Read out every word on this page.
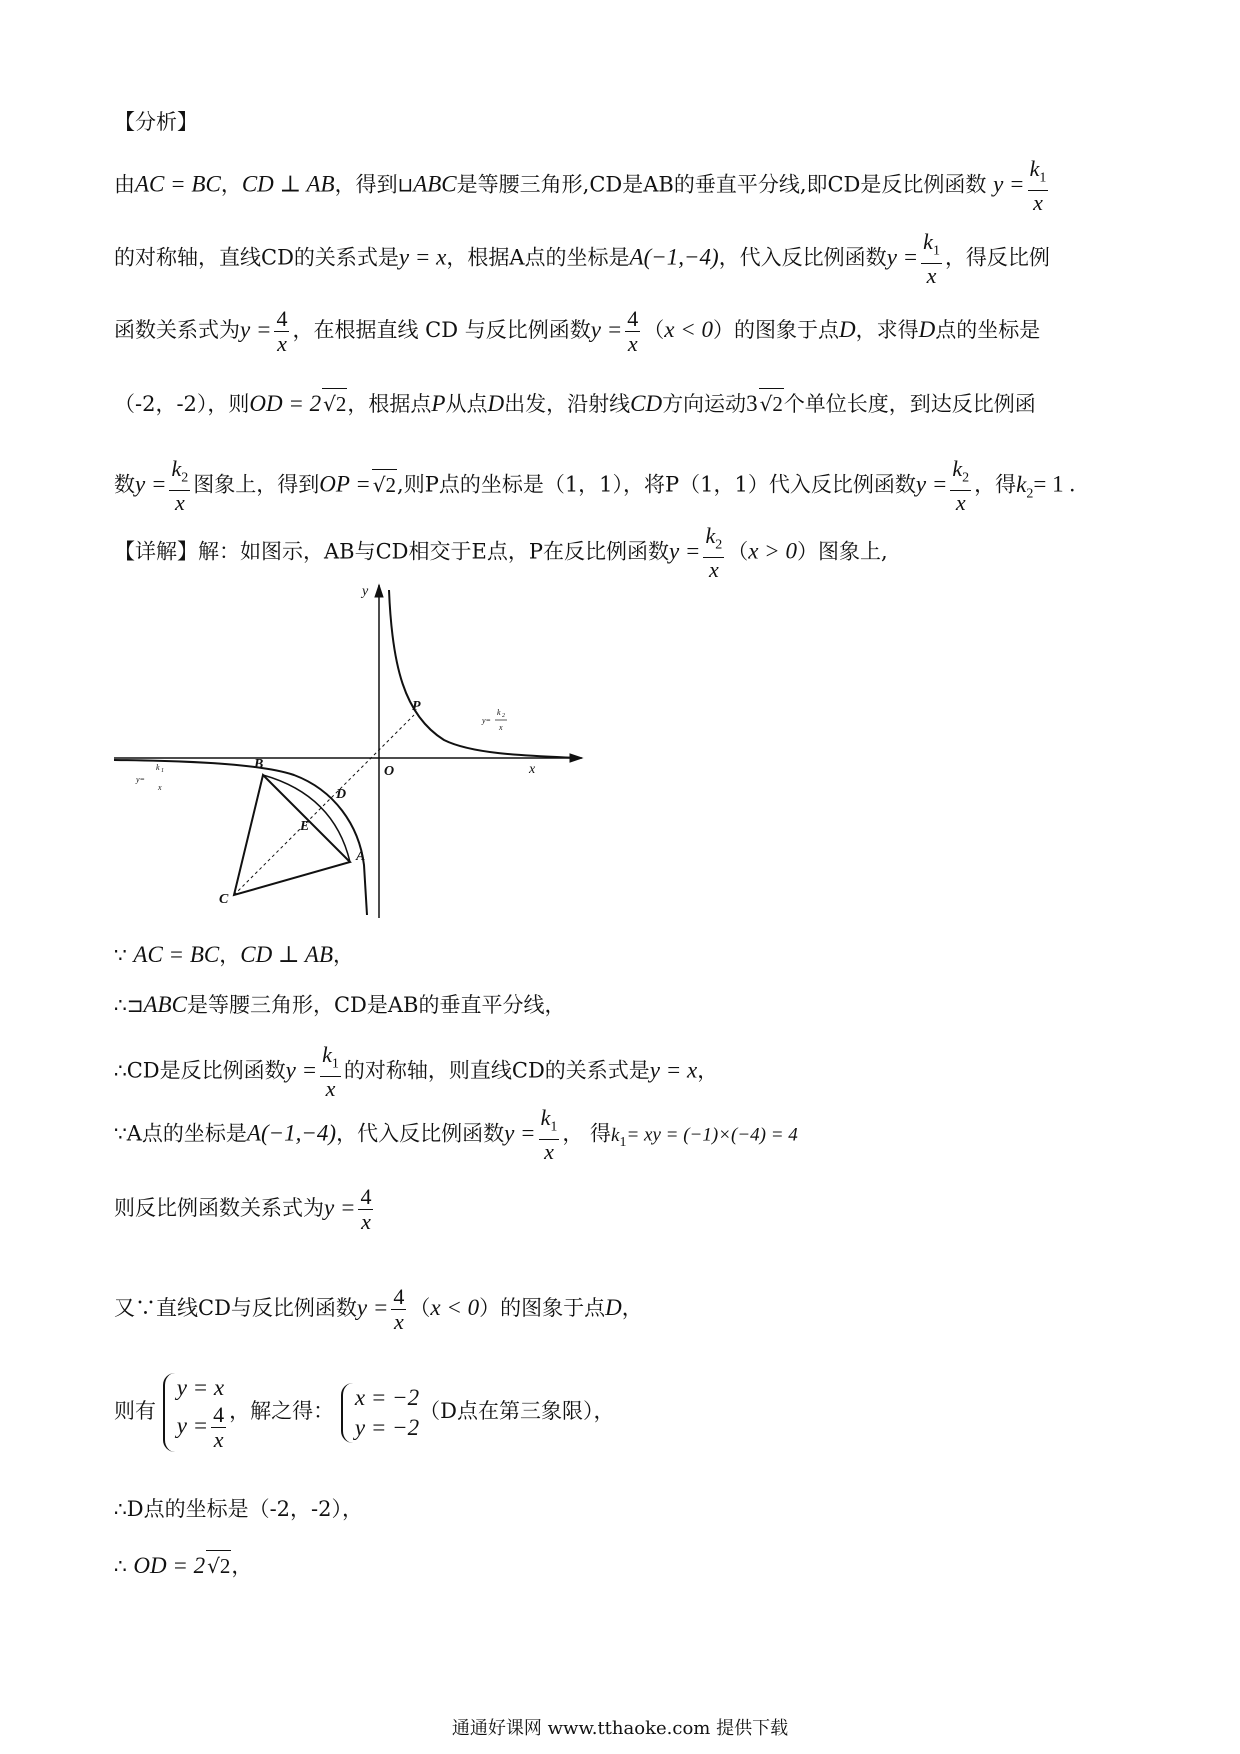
【分析】
由AC = BC，CD ⊥ AB，得到⊔ABC是等腰三角形,CD是AB的垂直平分线,即CD是反比例函数 $y = \frac{k_1}{x}$
的对称轴，直线CD的关系式是y = x，根据A点的坐标是A(−1,−4)，代入反比例函数$y = \frac{k_1}{x}$ ，得反比例
函数关系式为$y = \frac{4}{x}$ ，在根据直线 CD 与反比例函数$y = \frac{4}{x} (x < 0)$的图象于点D，求得D点的坐标是
（-2，-2），则OD = 2 √2，根据点P从点D出发，沿射线CD方向运动3 √2个单位长度，到达反比例函
数$y = \frac{k_2}{x}$ 图象上，得到OP = √2,则P点的坐标是（1，1），将P（1，1）代入反比例函数$y = \frac{k_2}{x}$ ，得$k_2= 1$ .
【详解】解：如图示，AB与CD相交于E点，P在反比例函数$y = \frac{k_2}{x} (x > 0)$图象上,
y
x
O
P
B
D
E
A
C
y=
k 2
x
k 1
y=
x
∵ AC = BC，CD ⊥ AB，
∴⊐ABC是等腰三角形，CD是AB的垂直平分线，
∴CD是反比例函数$y = \frac{k_1}{x}$ 的对称轴，则直线CD的关系式是y = x，
∵A点的坐标是A(−1,−4)，代入反比例函数$y = \frac{k_1}{x}$ ， 得$k_1=$ xy = (−1)×(−4) = 4
则反比例函数关系式为$y = \frac{4}{x}$
又∵直线CD与反比例函数$y = \frac{4}{x} (x < 0)$的图象于点D，
则有
y = x
$y = \frac{4}{x}$ ，解之得：
x = −2
y = −2
（D点在第三象限），
∴D点的坐标是（-2，-2），
∴ OD = 2 √2，
通通好课网 www.tthaoke.com 提供下载
